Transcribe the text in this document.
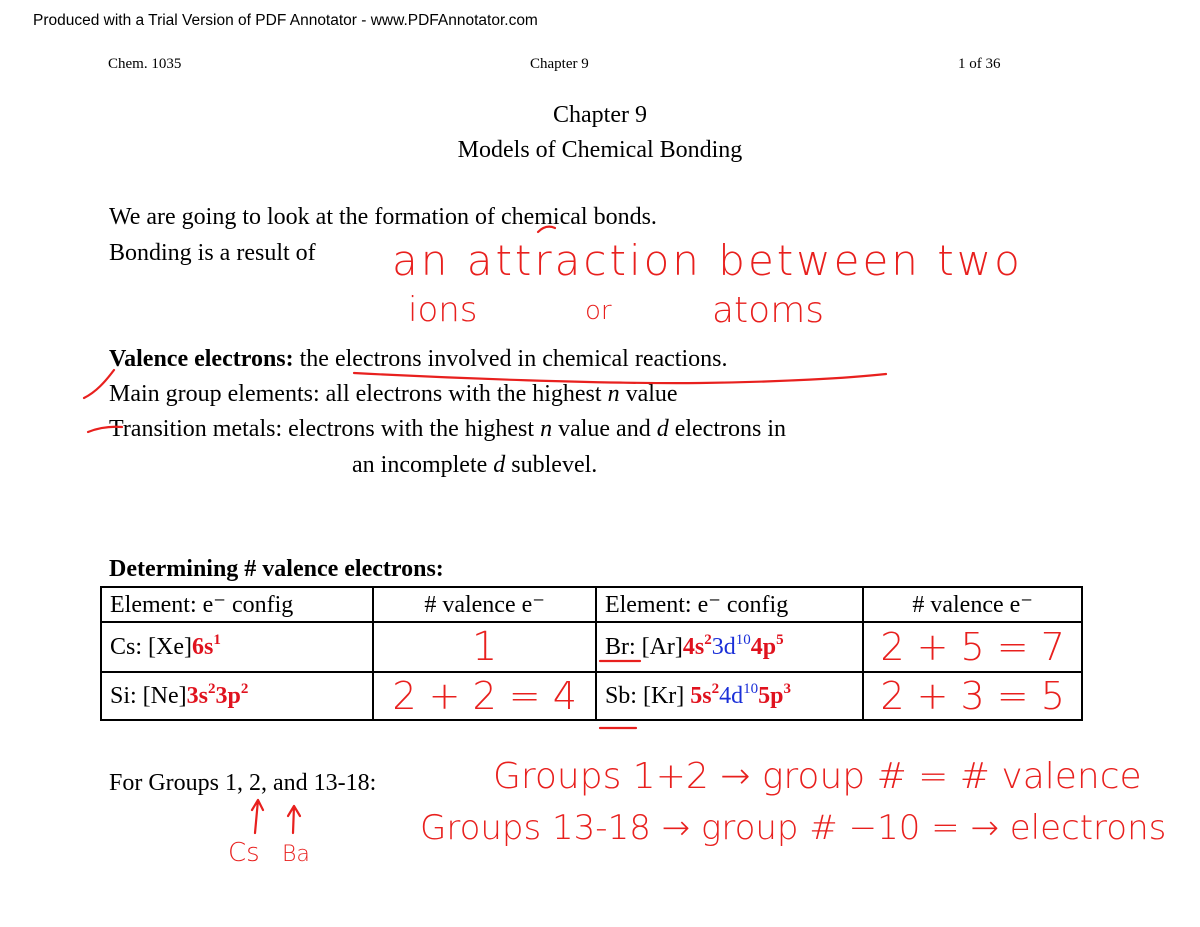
Produced with a Trial Version of PDF Annotator - www.PDFAnnotator.com
Chem. 1035	Chapter 9	1 of 36
Chapter 9
Models of Chemical Bonding
We are going to look at the formation of chemical bonds.
Bonding is a result of an attraction between two
ions	or	atoms
Valence electrons: the electrons involved in chemical reactions.
Main group elements: all electrons with the highest n value
Transition metals: electrons with the highest n value and d electrons in
an incomplete d sublevel.
Determining # valence electrons:
Element: e⁻ config	# valence e⁻	Element: e⁻ config	# valence e⁻
Cs: $[Xe]6s^1$	1	Br: $[Ar]4s^23d^{10}4p^5$	2 + 5 = 7
Si: $[Ne]3s^23p^2$	2 + 2 = 4	Sb: [Kr] $5s^24d^{10}5p^3$	2 + 3 = 5
For Groups 1, 2, and 13-18:	Groups 1+2 → group # = # valence
Groups 13-18 → group # −10 = → electrons
Cs Ba
